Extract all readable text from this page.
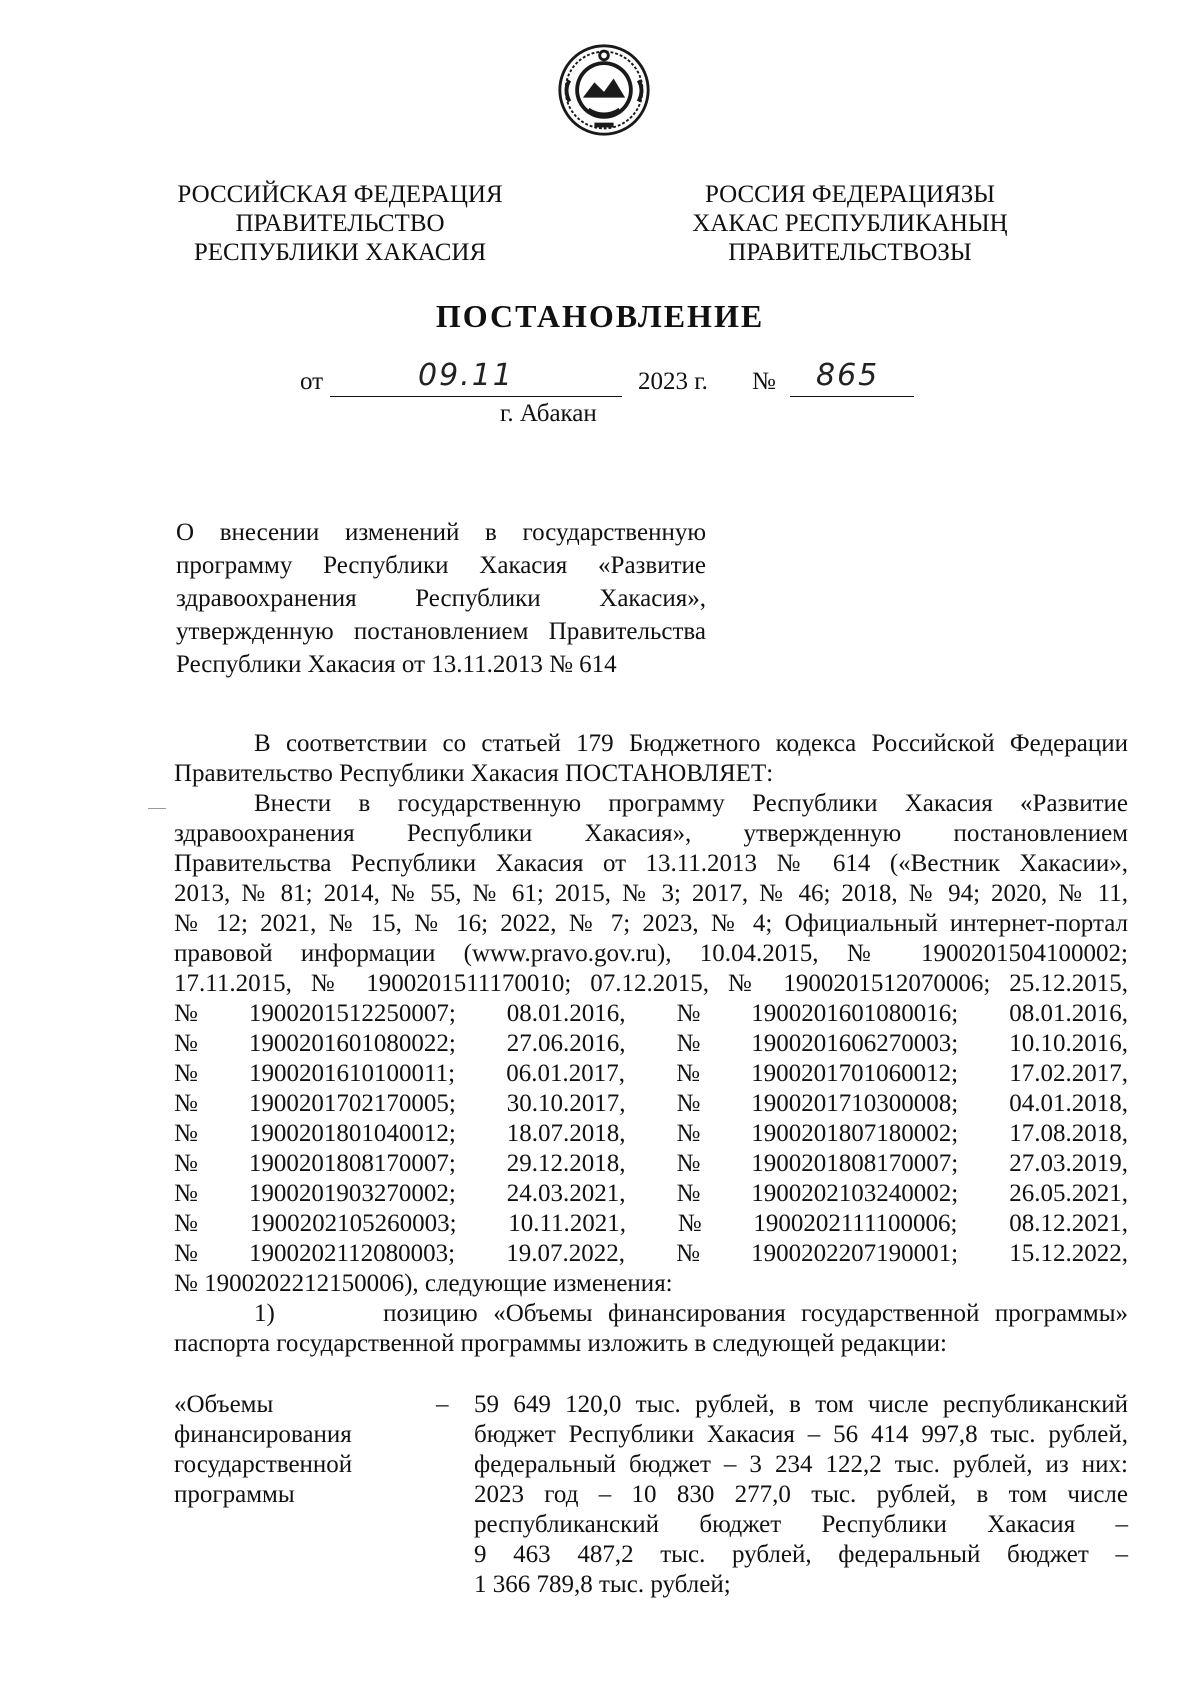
РОССИЙСКАЯ ФЕДЕРАЦИЯ
ПРАВИТЕЛЬСТВО
РЕСПУБЛИКИ ХАКАСИЯ
РОССИЯ ФЕДЕРАЦИЯЗЫ
ХАКАС РЕСПУБЛИКАНЫҢ
ПРАВИТЕЛЬСТВОЗЫ
ПОСТАНОВЛЕНИЕ
от	09.11	2023 г. № 865
г. Абакан
О внесении изменений в государственную
программу Республики Хакасия «Развитие
здравоохранения Республики Хакасия»,
утвержденную постановлением Правительства
Республики Хакасия от 13.11.2013 № 614
В соответствии со статьей 179 Бюджетного кодекса Российской Федерации
Правительство Республики Хакасия ПОСТАНОВЛЯЕТ:
Внести в государственную программу Республики Хакасия «Развитие
здравоохранения Республики Хакасия», утвержденную постановлением
Правительства Республики Хакасия от 13.11.2013 № 614 («Вестник Хакасии»,
2013, № 81; 2014, № 55, № 61; 2015, № 3; 2017, № 46; 2018, № 94; 2020, № 11,
№ 12; 2021, № 15, № 16; 2022, № 7; 2023, № 4; Официальный интернет-портал
правовой информации (www.pravo.gov.ru), 10.04.2015, № 1900201504100002;
17.11.2015, № 1900201511170010; 07.12.2015, № 1900201512070006; 25.12.2015,
№ 1900201512250007; 08.01.2016, № 1900201601080016; 08.01.2016,
№ 1900201601080022; 27.06.2016, № 1900201606270003; 10.10.2016,
№ 1900201610100011; 06.01.2017, № 1900201701060012; 17.02.2017,
№ 1900201702170005; 30.10.2017, № 1900201710300008; 04.01.2018,
№ 1900201801040012; 18.07.2018, № 1900201807180002; 17.08.2018,
№ 1900201808170007; 29.12.2018, № 1900201808170007; 27.03.2019,
№ 1900201903270002; 24.03.2021, № 1900202103240002; 26.05.2021,
№ 1900202105260003; 10.11.2021, № 1900202111100006; 08.12.2021,
№ 1900202112080003; 19.07.2022, № 1900202207190001; 15.12.2022,
№ 1900202212150006), следующие изменения:
1)       позицию «Объемы финансирования государственной программы»
паспорта государственной программы изложить в следующей редакции:
«Объемы
финансирования
государственной
программы
– 59 649 120,0 тыс. рублей, в том числе республиканский
бюджет Республики Хакасия – 56 414 997,8 тыс. рублей,
федеральный бюджет – 3 234 122,2 тыс. рублей, из них:
2023 год – 10 830 277,0 тыс. рублей, в том числе
республиканский бюджет Республики Хакасия –
9 463 487,2 тыс. рублей, федеральный бюджет –
1 366 789,8 тыс. рублей;
